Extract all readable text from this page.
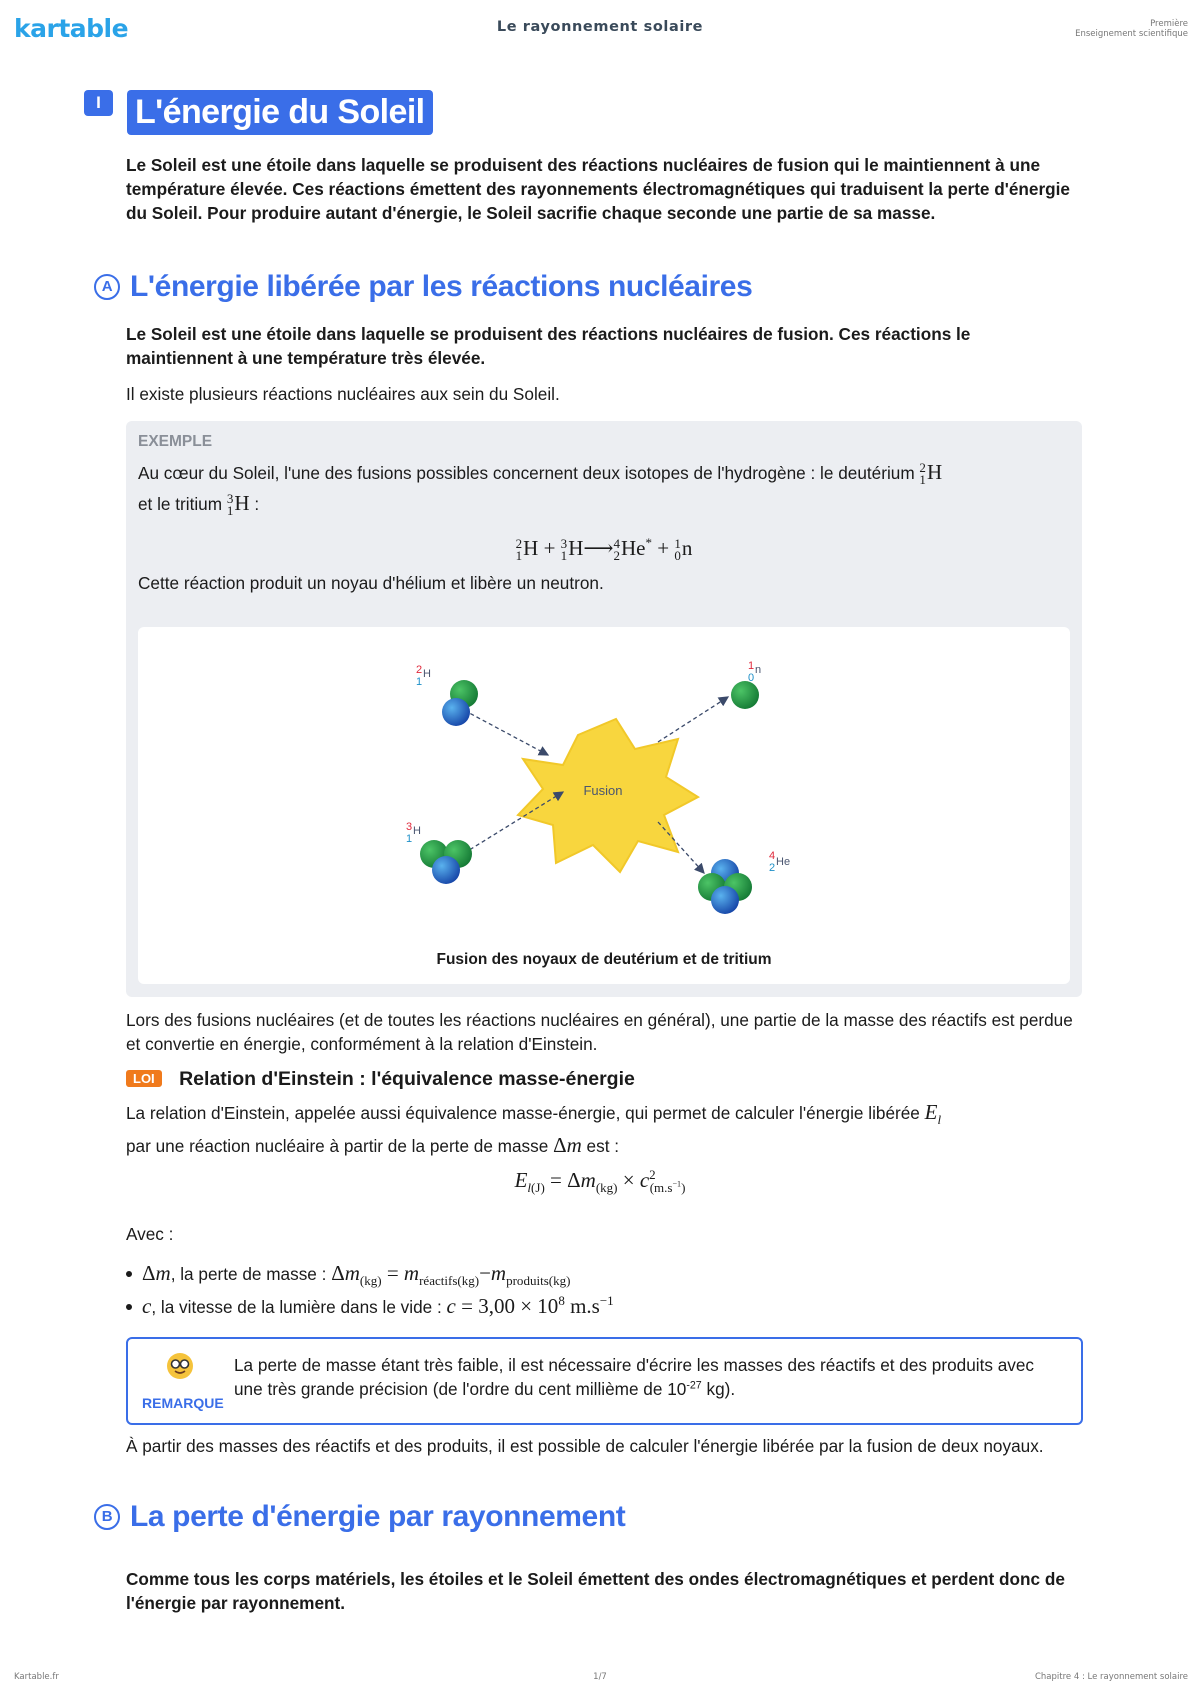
kartable	Le rayonnement solaire	Première
Enseignement scientifique
I	L'énergie du Soleil

Le Soleil est une étoile dans laquelle se produisent des réactions nucléaires de fusion qui le maintiennent à une température élevée. Ces réactions émettent des rayonnements électromagnétiques qui traduisent la perte d'énergie du Soleil. Pour produire autant d'énergie, le Soleil sacrifie chaque seconde une partie de sa masse.

A L'énergie libérée par les réactions nucléaires

Le Soleil est une étoile dans laquelle se produisent des réactions nucléaires de fusion. Ces réactions le maintiennent à une température très élevée.

Il existe plusieurs réactions nucléaires aux sein du Soleil.

EXEMPLE
Au cœur du Soleil, l'une des fusions possibles concernent deux isotopes de l'hydrogène : le deutérium 2
1 H
et le tritium 3
1 H :
2
1 H + 3
1 H⟶ 4
2 He* + 1
0 n
Cette réaction produit un noyau d'hélium et libère un neutron.
Fusion
2
1
H
3
1
H
1
0
n
4
2 He
Fusion des noyaux de deutérium et de tritium

Lors des fusions nucléaires (et de toutes les réactions nucléaires en général), une partie de la masse des réactifs est perdue et convertie en énergie, conformément à la relation d'Einstein.

LOI Relation d'Einstein : l'équivalence masse-énergie
La relation d'Einstein, appelée aussi équivalence masse-énergie, qui permet de calculer l'énergie libérée $E_l$
par une réaction nucléaire à partir de la perte de masse Δm est :
$E_{l(J)} = \Delta m_{(kg)} \times c^2_{(m.s^{-1})}$

Avec :

Δm, la perte de masse : $\Delta m_{(kg)} = m_{réactifs(kg)}-m_{produits(kg)}$
c, la vitesse de la lumière dans le vide : $c = 3,00 \times 10^8$ $m.s^{-1}$
REMARQUE
La perte de masse étant très faible, il est nécessaire d'écrire les masses des réactifs et des produits avec une très grande précision (de l'ordre du cent millième de $10^{-27}$ kg).

À partir des masses des réactifs et des produits, il est possible de calculer l'énergie libérée par la fusion de deux noyaux.

B La perte d'énergie par rayonnement

Comme tous les corps matériels, les étoiles et le Soleil émettent des ondes électromagnétiques et perdent donc de l'énergie par rayonnement.

Kartable.fr	1/7	Chapitre 4 : Le rayonnement solaire
